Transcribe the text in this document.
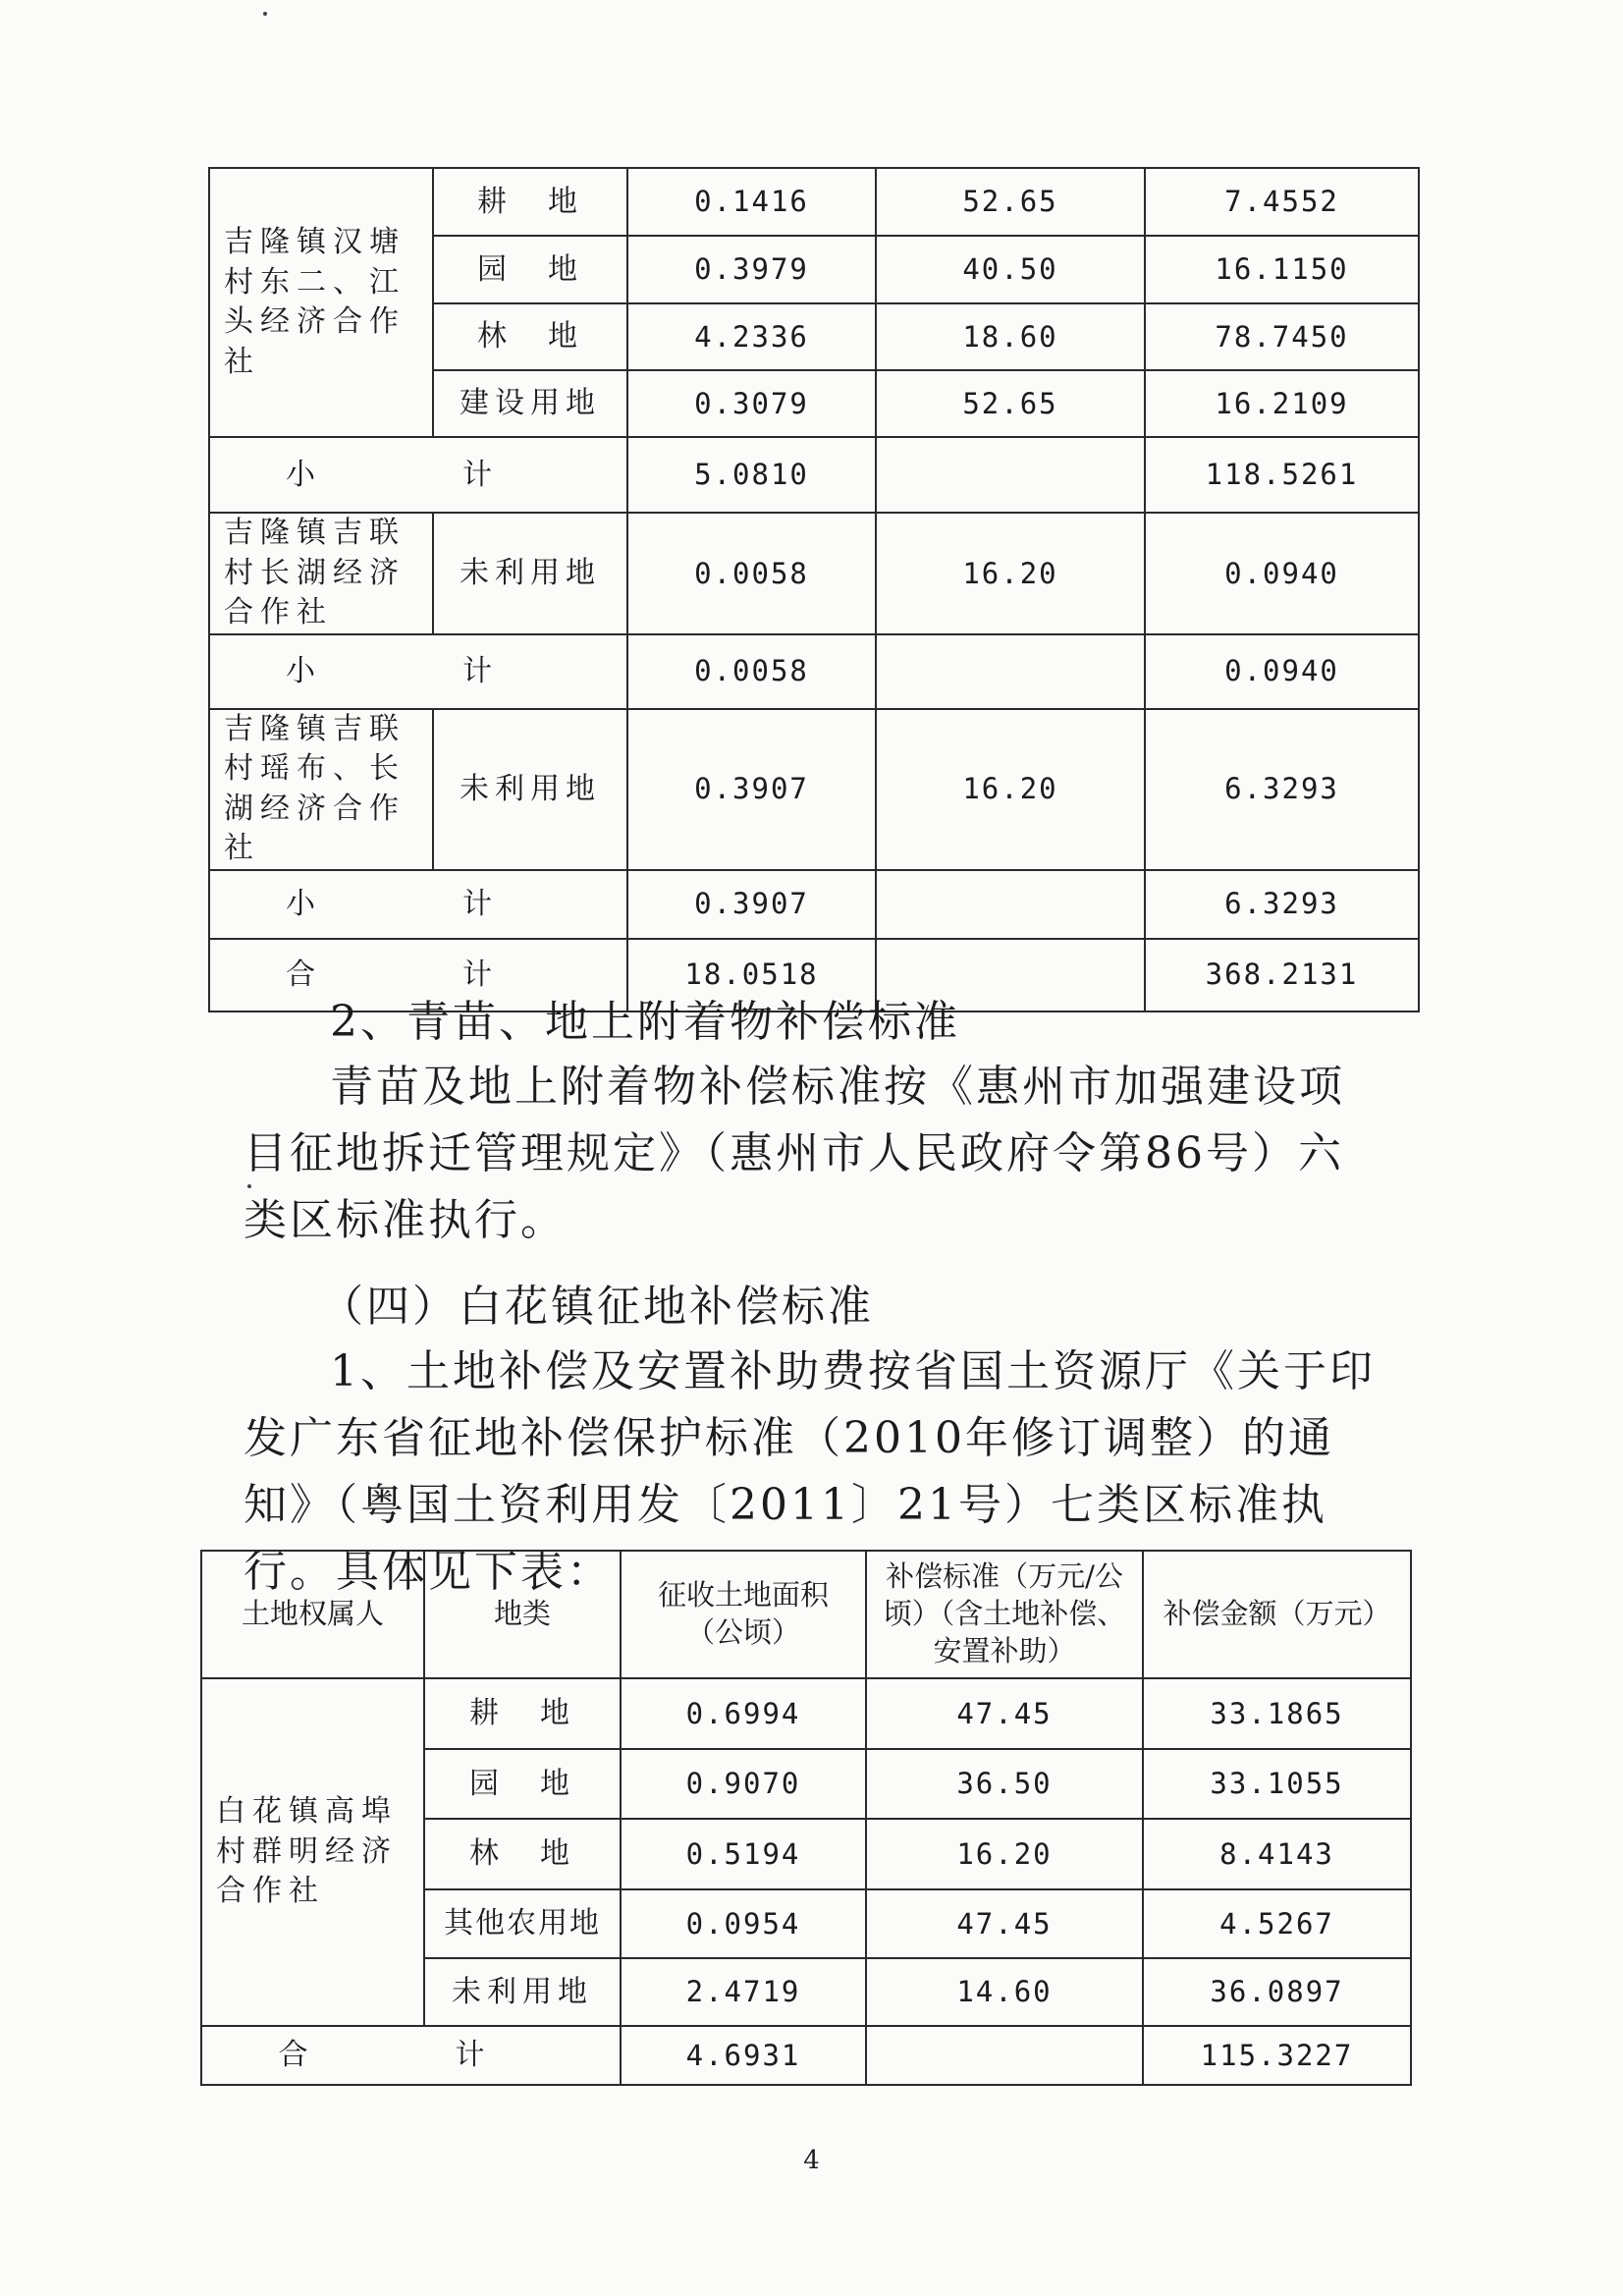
吉隆镇汉塘村东二、江头经济合作社	耕　地	0.1416	52.65	7.4552
	园　地	0.3979	40.50	16.1150
	林　地	4.2336	18.60	78.7450
	建设用地	0.3079	52.65	16.2109
小　计		5.0810		118.5261
吉隆镇吉联村长湖经济合作社	未利用地	0.0058	16.20	0.0940
小　计		0.0058		0.0940
吉隆镇吉联村瑶布、长湖经济合作社	未利用地	0.3907	16.20	6.3293
小　计		0.3907		6.3293
合　计		18.0518		368.2131

2、青苗、地上附着物补偿标准

青苗及地上附着物补偿标准按《惠州市加强建设项目征地拆迁管理规定》（惠州市人民政府令第86号）六类区标准执行。

（四）白花镇征地补偿标准

1、土地补偿及安置补助费按省国土资源厅《关于印发广东省征地补偿保护标准（2010年修订调整）的通知》（粤国土资利用发〔2011〕21号）七类区标准执行。具体见下表：

土地权属人	地类	征收土地面积（公顷）	补偿标准（万元/公顷）（含土地补偿、安置补助）	补偿金额（万元）
白花镇高埠村群明经济合作社	耕　地	0.6994	47.45	33.1865
	园　地	0.9070	36.50	33.1055
	林　地	0.5194	16.20	8.4143
	其他农用地	0.0954	47.45	4.5267
	未利用地	2.4719	14.60	36.0897
合　计		4.6931		115.3227
4
